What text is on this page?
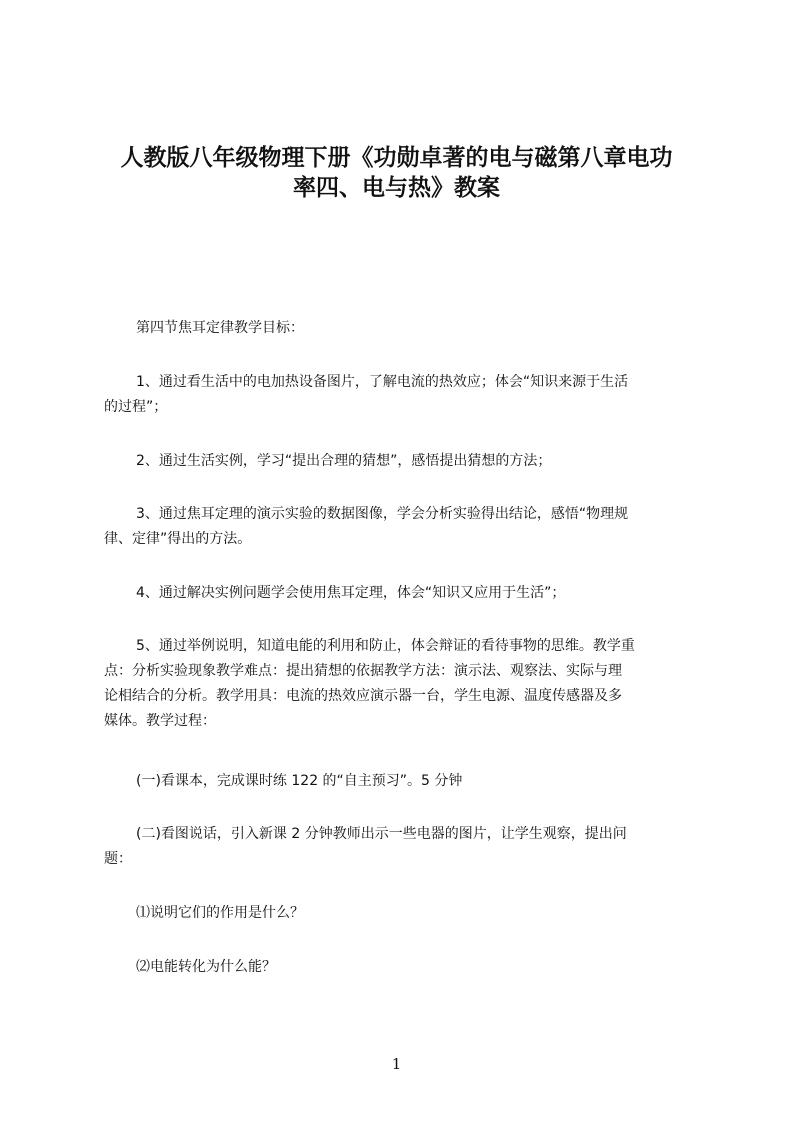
人教版八年级物理下册《功勋卓著的电与磁第八章电功
率四、电与热》教案

第四节焦耳定律教学目标：

1、通过看生活中的电加热设备图片，了解电流的热效应；体会“知识来源于生活
的过程”；

2、通过生活实例，学习“提出合理的猜想”，感悟提出猜想的方法；

3、通过焦耳定理的演示实验的数据图像，学会分析实验得出结论，感悟“物理规
律、定律”得出的方法。

4、通过解决实例问题学会使用焦耳定理，体会“知识又应用于生活”；

5、通过举例说明，知道电能的利用和防止，体会辩证的看待事物的思维。教学重
点：分析实验现象教学难点：提出猜想的依据教学方法：演示法、观察法、实际与理
论相结合的分析。教学用具：电流的热效应演示器一台，学生电源、温度传感器及多
媒体。教学过程：

(一)看课本，完成课时练 122 的“自主预习”。5 分钟

(二)看图说话，引入新课 2 分钟教师出示一些电器的图片，让学生观察，提出问
题：

⑴说明它们的作用是什么？

⑵电能转化为什么能？

1
